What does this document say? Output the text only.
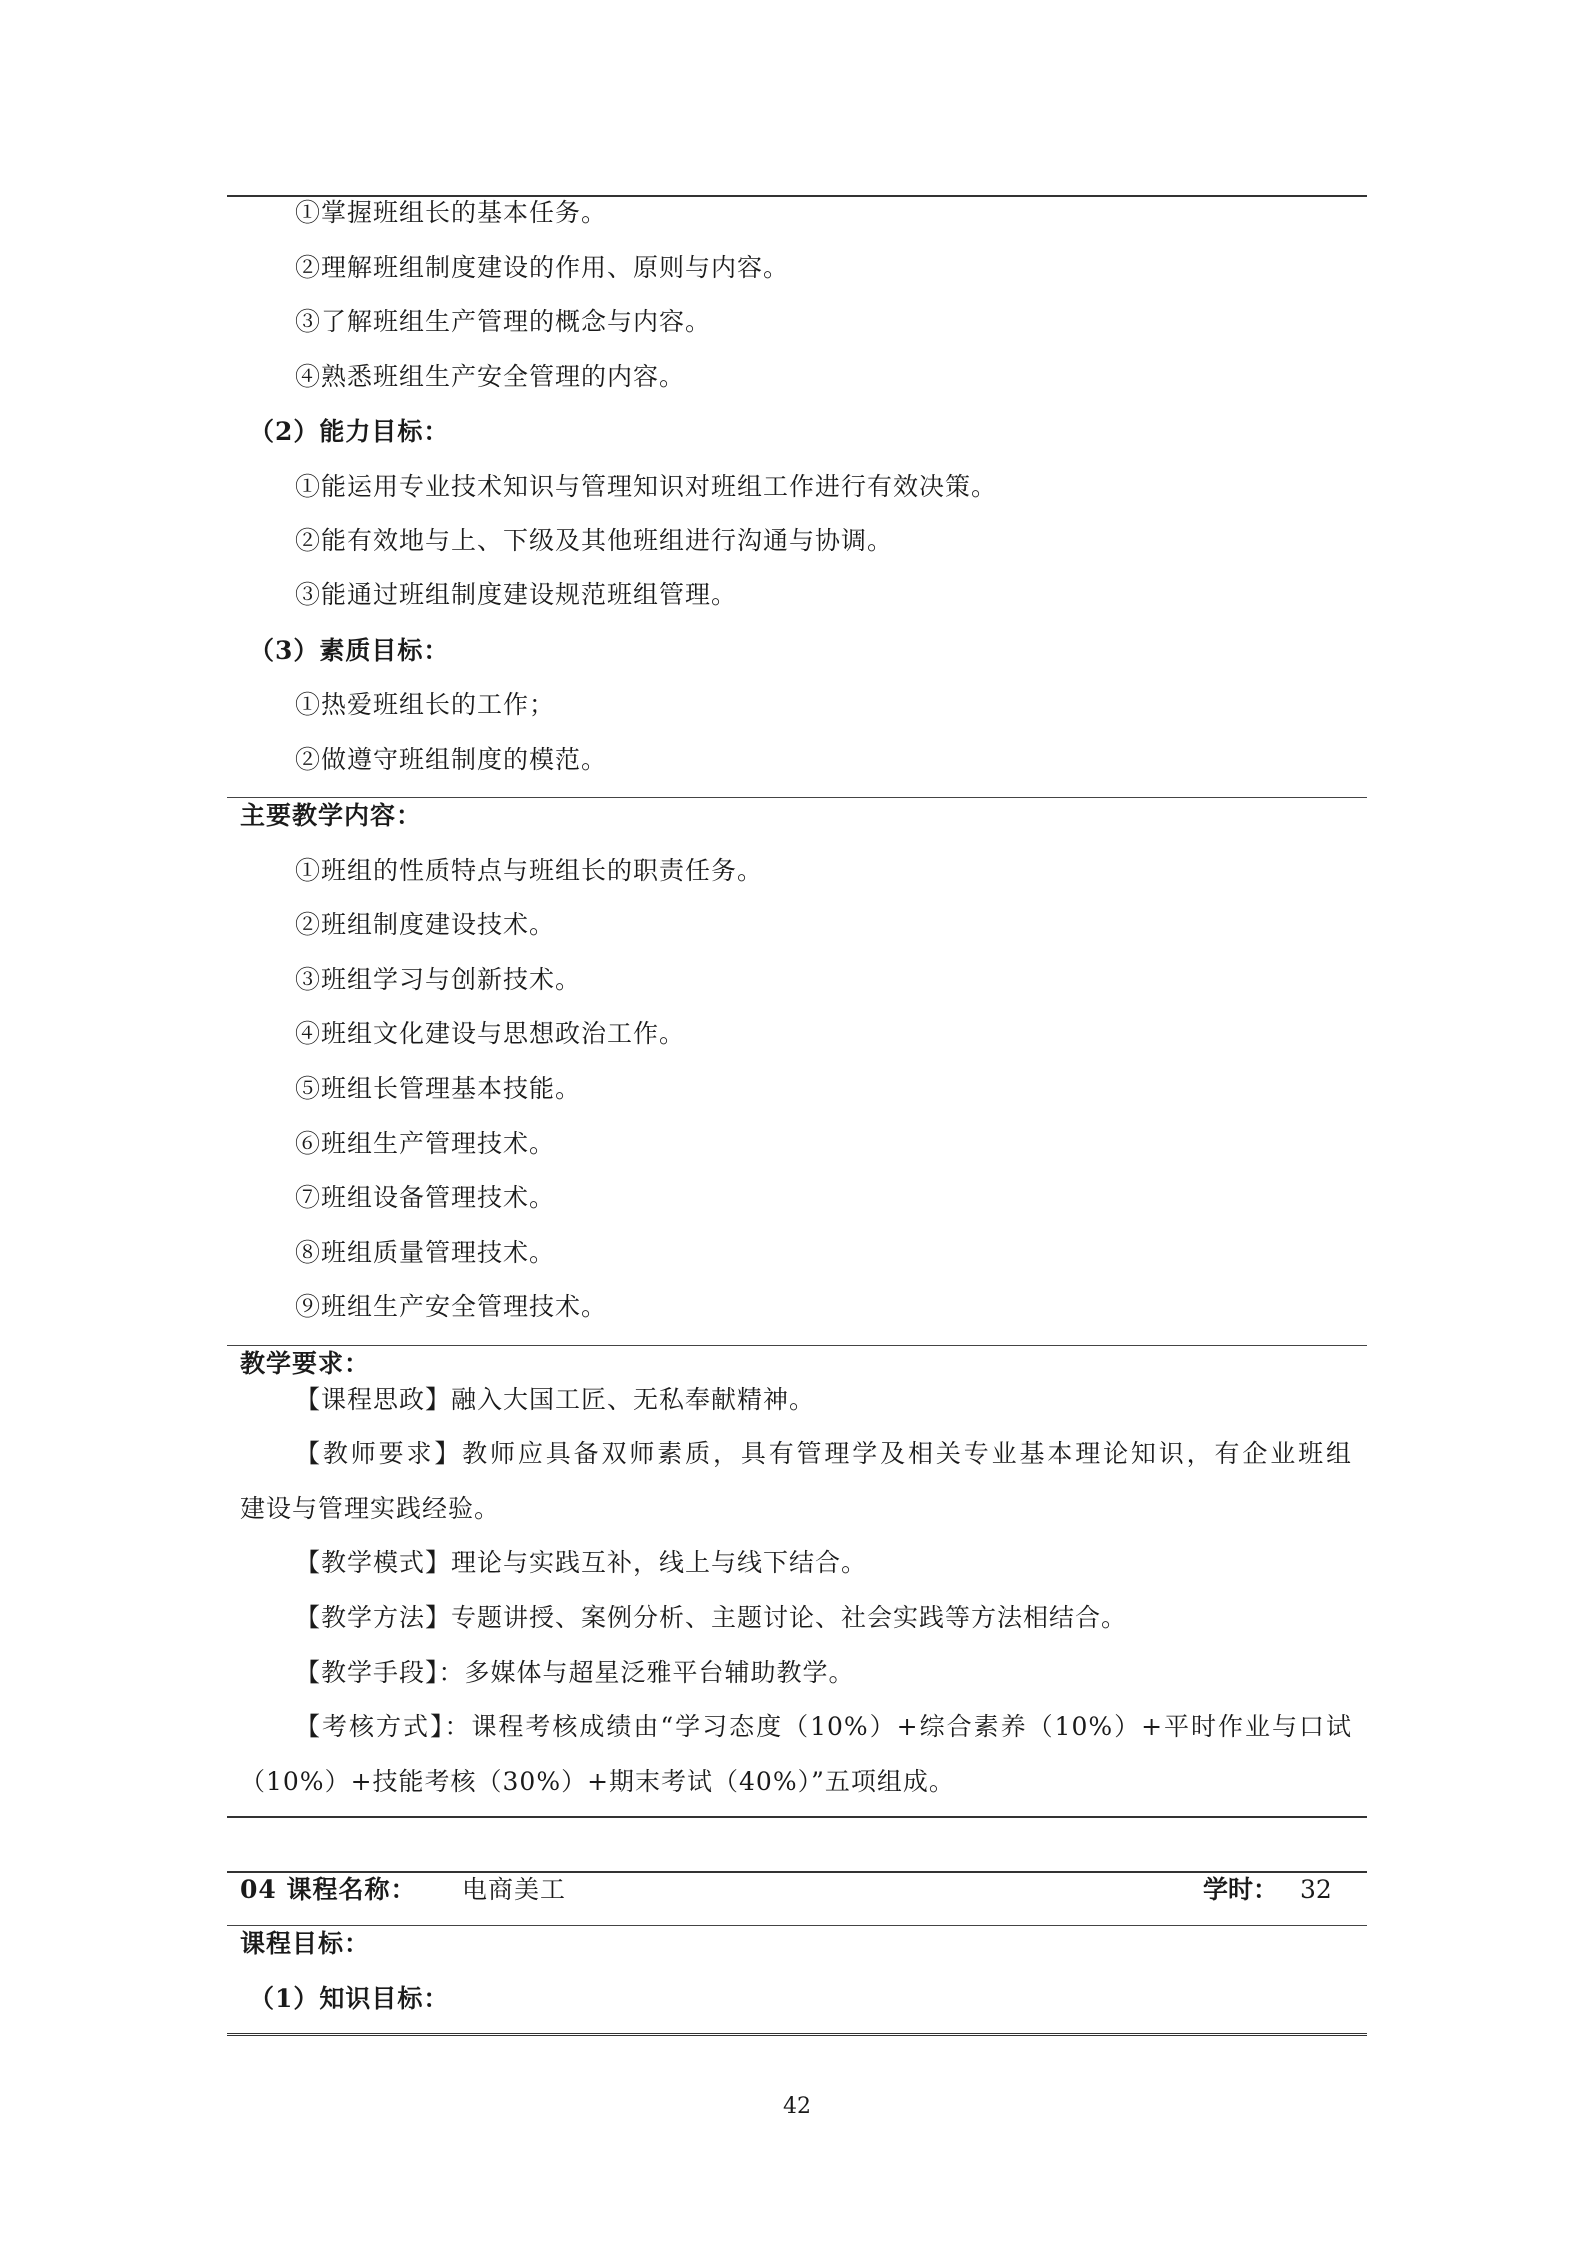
①掌握班组长的基本任务。
②理解班组制度建设的作用、原则与内容。
③了解班组生产管理的概念与内容。
④熟悉班组生产安全管理的内容。
（2）能力目标：
①能运用专业技术知识与管理知识对班组工作进行有效决策。
②能有效地与上、下级及其他班组进行沟通与协调。
③能通过班组制度建设规范班组管理。
（3）素质目标：
①热爱班组长的工作；
②做遵守班组制度的模范。
主要教学内容：
①班组的性质特点与班组长的职责任务。
②班组制度建设技术。
③班组学习与创新技术。
④班组文化建设与思想政治工作。
⑤班组长管理基本技能。
⑥班组生产管理技术。
⑦班组设备管理技术。
⑧班组质量管理技术。
⑨班组生产安全管理技术。
教学要求：
【课程思政】融入大国工匠、无私奉献精神。
【教师要求】教师应具备双师素质，具有管理学及相关专业基本理论知识，有企业班组
建设与管理实践经验。
【教学模式】理论与实践互补，线上与线下结合。
【教学方法】专题讲授、案例分析、主题讨论、社会实践等方法相结合。
【教学手段】：多媒体与超星泛雅平台辅助教学。
【考核方式】：课程考核成绩由“学习态度（10%）+综合素养（10%）+平时作业与口试
（10%）+技能考核（30%）+期末考试（40%）”五项组成。
04 课程名称： 电商美工	学时： 32
课程目标：
（1）知识目标：
42
